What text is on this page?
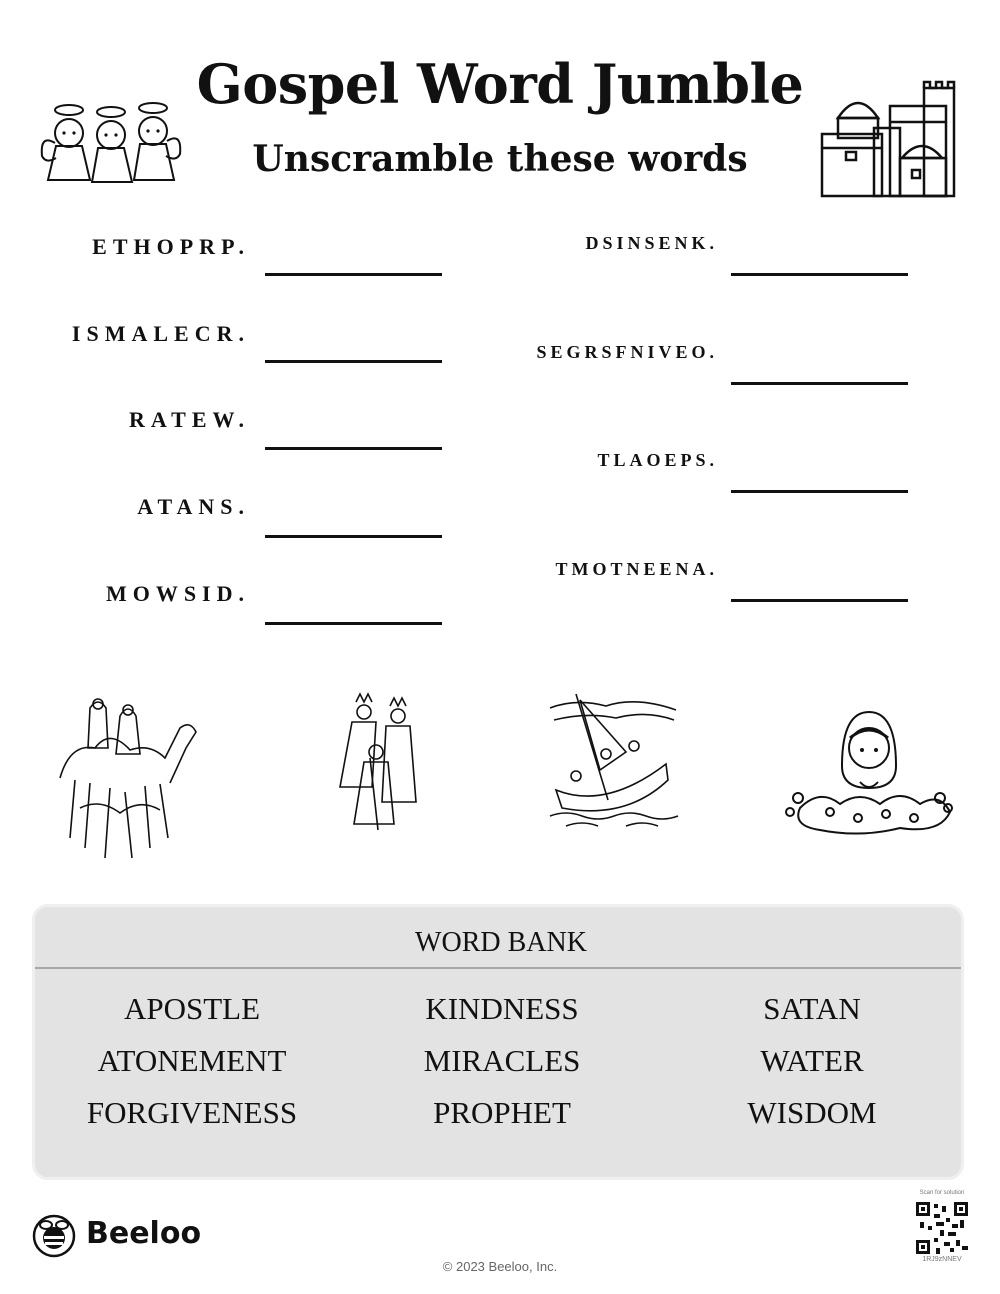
Gospel Word Jumble
Unscramble these words
ETHOPRP.
ISMALECR.
RATEW.
ATANS.
MOWSID.
DSINSENK.
SEGRSFNIVEO.
TLAOEPS.
TMOTNEENA.
WORD BANK
APOSTLE	KINDNESS	SATAN
ATONEMENT	MIRACLES	WATER
FORGIVENESS	PROPHET	WISDOM
Beeloo
© 2023 Beeloo, Inc.
Scan for solution
1RJ9zNNEV
